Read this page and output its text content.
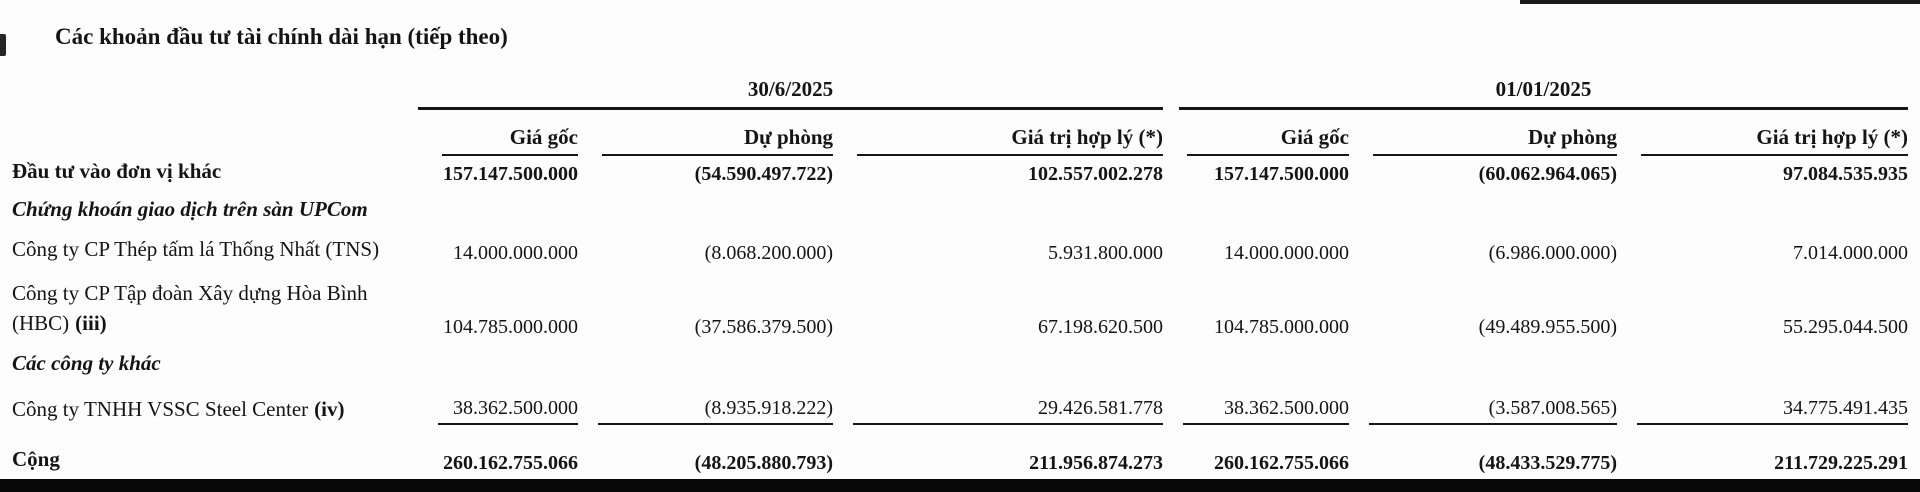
Các khoản đầu tư tài chính dài hạn (tiếp theo)

	30/6/2025			01/01/2025		

	Giá gốc	Dự phòng	Giá trị hợp lý (*)	Giá gốc	Dự phòng	Giá trị hợp lý (*)

Đầu tư vào đơn vị khác	157.147.500.000	(54.590.497.722)	102.557.002.278	157.147.500.000	(60.062.964.065)	97.084.535.935

Chứng khoán giao dịch trên sàn UPCom	

Công ty CP Thép tấm lá Thống Nhất (TNS)	14.000.000.000	(8.068.200.000)	5.931.800.000	14.000.000.000	(6.986.000.000)	7.014.000.000

Công ty CP Tập đoàn Xây dựng Hòa Bình (HBC) (iii)	104.785.000.000	(37.586.379.500)	67.198.620.500	104.785.000.000	(49.489.955.500)	55.295.044.500

Các công ty khác	

Công ty TNHH VSSC Steel Center (iv)	38.362.500.000	(8.935.918.222)	29.426.581.778	38.362.500.000	(3.587.008.565)	34.775.491.435

Cộng	260.162.755.066	(48.205.880.793)	211.956.874.273	260.162.755.066	(48.433.529.775)	211.729.225.291
